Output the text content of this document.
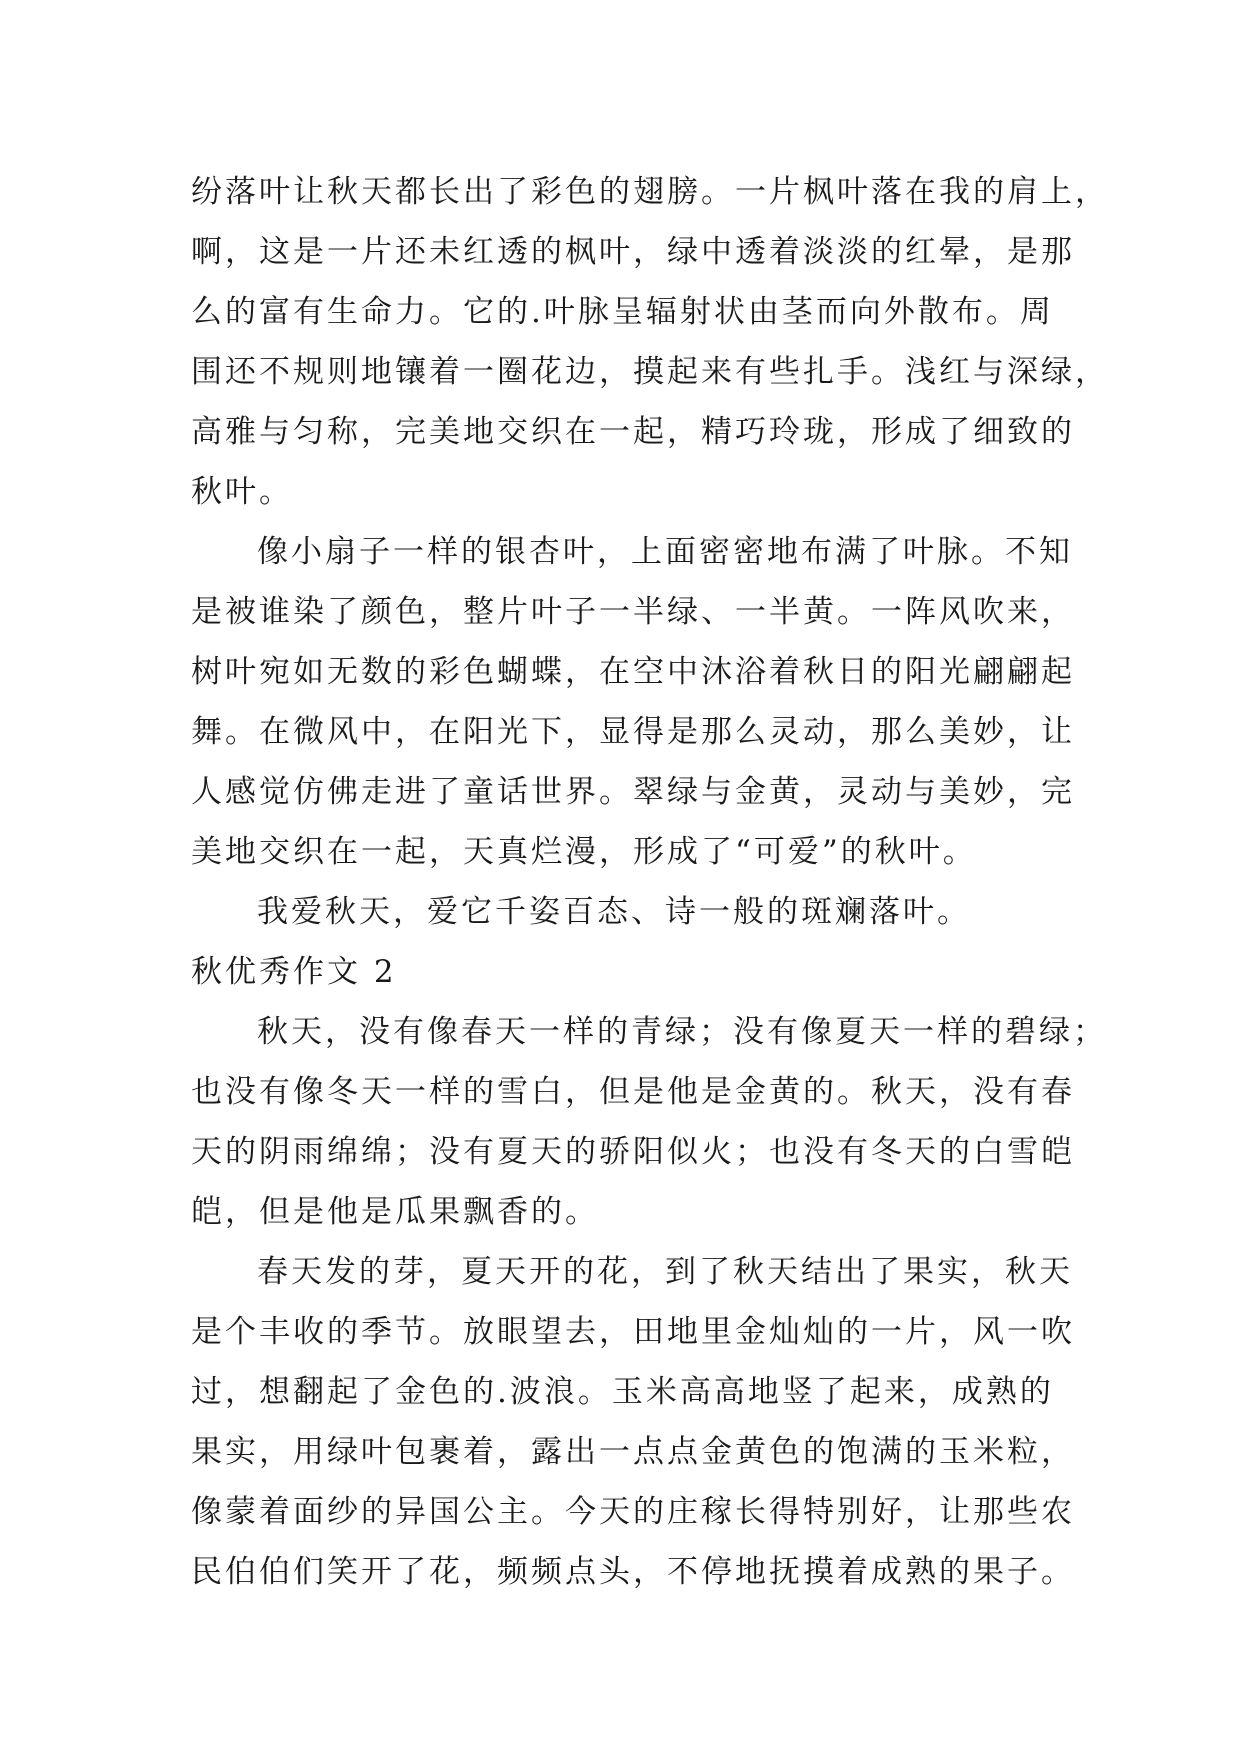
纷落叶让秋天都长出了彩色的翅膀。一片枫叶落在我的肩上，
啊，这是一片还未红透的枫叶，绿中透着淡淡的红晕，是那
么的富有生命力。它的.叶脉呈辐射状由茎而向外散布。周
围还不规则地镶着一圈花边，摸起来有些扎手。浅红与深绿，
高雅与匀称，完美地交织在一起，精巧玲珑，形成了细致的
秋叶。
像小扇子一样的银杏叶，上面密密地布满了叶脉。不知
是被谁染了颜色，整片叶子一半绿、一半黄。一阵风吹来，
树叶宛如无数的彩色蝴蝶，在空中沐浴着秋日的阳光翩翩起
舞。在微风中，在阳光下，显得是那么灵动，那么美妙，让
人感觉仿佛走进了童话世界。翠绿与金黄，灵动与美妙，完
美地交织在一起，天真烂漫，形成了“可爱”的秋叶。
我爱秋天，爱它千姿百态、诗一般的斑斓落叶。
秋优秀作文 2
秋天，没有像春天一样的青绿；没有像夏天一样的碧绿；
也没有像冬天一样的雪白，但是他是金黄的。秋天，没有春
天的阴雨绵绵；没有夏天的骄阳似火；也没有冬天的白雪皑
皑，但是他是瓜果飘香的。
春天发的芽，夏天开的花，到了秋天结出了果实，秋天
是个丰收的季节。放眼望去，田地里金灿灿的一片，风一吹
过，想翻起了金色的.波浪。玉米高高地竖了起来，成熟的
果实，用绿叶包裹着，露出一点点金黄色的饱满的玉米粒，
像蒙着面纱的异国公主。今天的庄稼长得特别好，让那些农
民伯伯们笑开了花，频频点头，不停地抚摸着成熟的果子。
